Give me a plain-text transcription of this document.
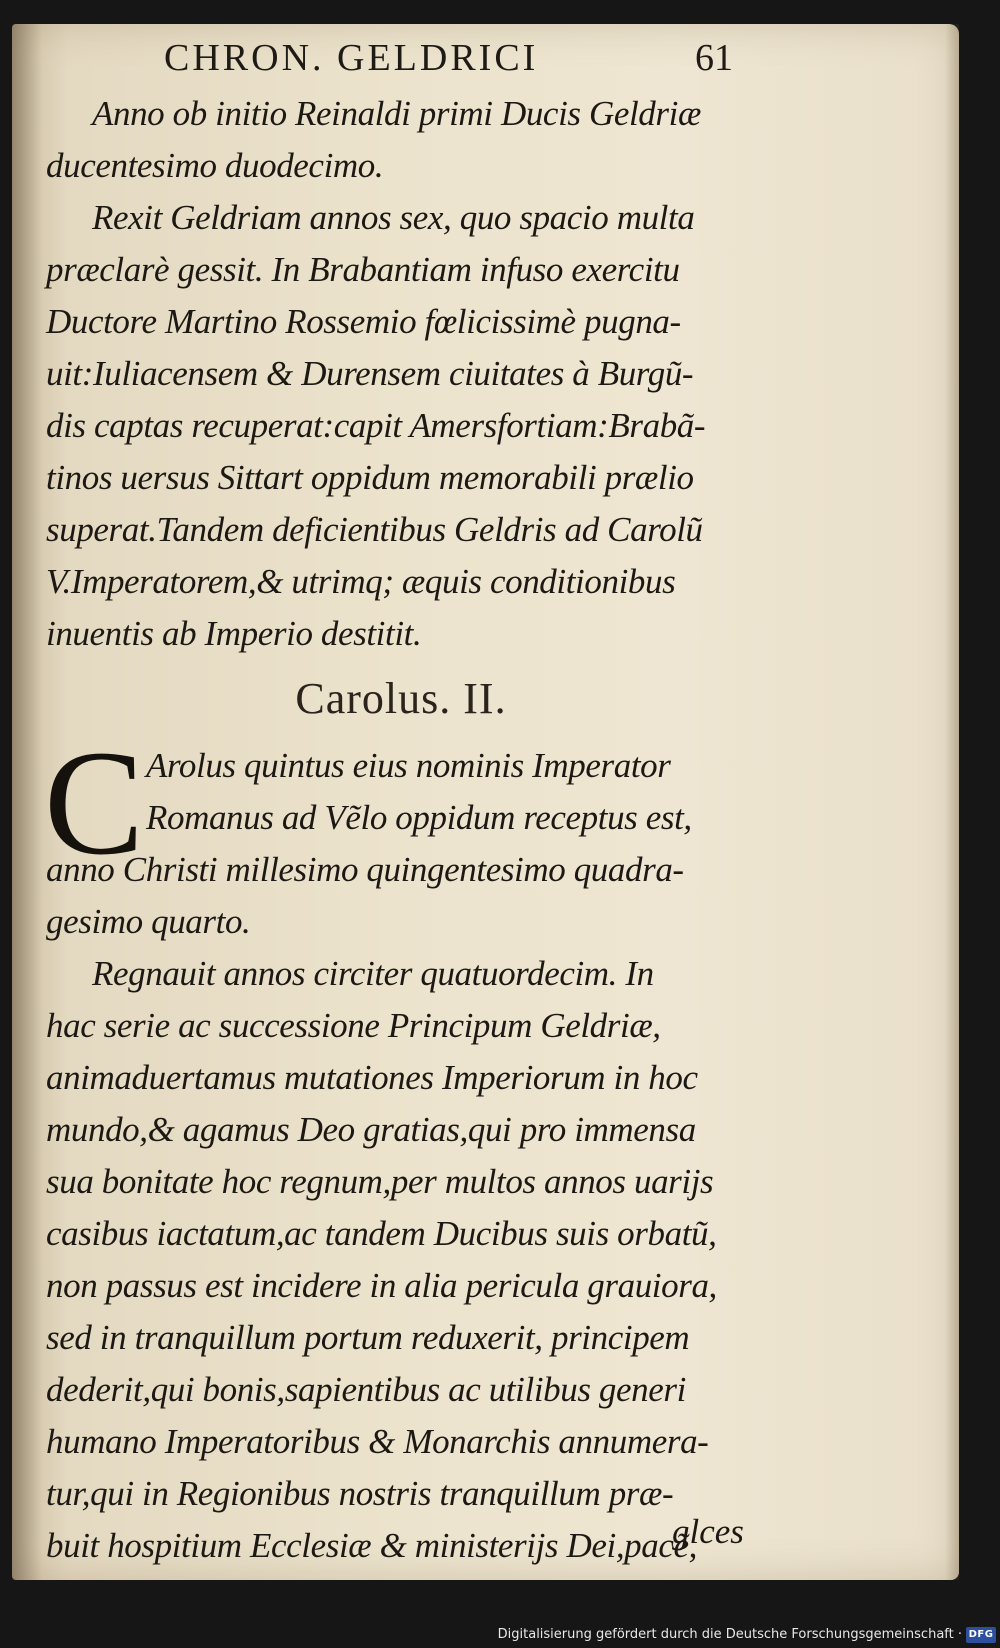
CHRON. GELDRICI	61
Anno ob initio Reinaldi primi Ducis Geldriæ
ducentesimo duodecimo.
Rexit Geldriam annos sex, quo spacio multa
præclarè gessit. In Brabantiam infuso exercitu
Ductore Martino Rossemio fœlicissimè pugna-
uit:Iuliacensem & Durensem ciuitates à Burgũ-
dis captas recuperat:capit Amersfortiam:Brabã-
tinos uersus Sittart oppidum memorabili prælio
superat.Tandem deficientibus Geldris ad Carolũ
V.Imperatorem,& utrimq; æquis conditionibus
inuentis ab Imperio destitit.
Carolus. II.
C Arolus quintus eius nominis Imperator
Romanus ad Vẽlo oppidum receptus est,
anno Christi millesimo quingentesimo quadra-
gesimo quarto.
Regnauit annos circiter quatuordecim. In
hac serie ac successione Principum Geldriæ,
animaduertamus mutationes Imperiorum in hoc
mundo,& agamus Deo gratias,qui pro immensa
sua bonitate hoc regnum,per multos annos uarijs
casibus iactatum,ac tandem Ducibus suis orbatũ,
non passus est incidere in alia pericula grauiora,
sed in tranquillum portum reduxerit, principem
dederit,qui bonis,sapientibus ac utilibus generi
humano Imperatoribus & Monarchis annumera-
tur,qui in Regionibus nostris tranquillum præ-
buit hospitium Ecclesiæ & ministerijs Dei,pacẽ,
glces
Digitalisierung gefördert durch die Deutsche Forschungsgemeinschaft · DFG
